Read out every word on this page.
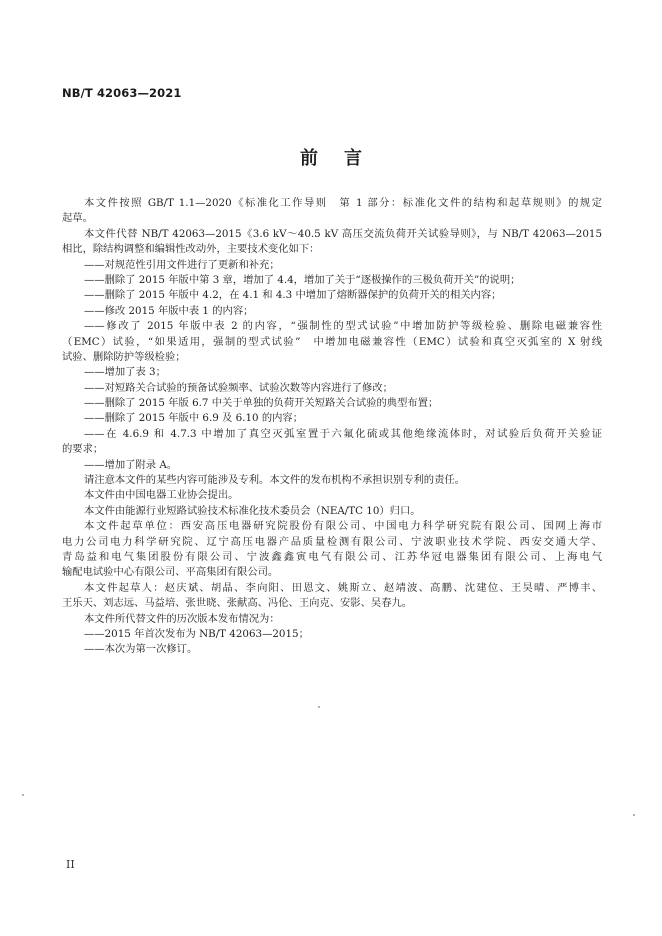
NB/T 42063—2021
前言
本文件按照 GB/T 1.1—2020《标准化工作导则　第 1 部分：标准化文件的结构和起草规则》的规定
起草。
本文件代替 NB/T 42063—2015《3.6 kV～40.5 kV 高压交流负荷开关试验导则》，与 NB/T 42063—2015
相比，除结构调整和编辑性改动外，主要技术变化如下：
——对规范性引用文件进行了更新和补充；
——删除了 2015 年版中第 3 章，增加了 4.4，增加了关于“逐极操作的三极负荷开关”的说明；
——删除了 2015 年版中 4.2，在 4.1 和 4.3 中增加了熔断器保护的负荷开关的相关内容；
——修改 2015 年版中表 1 的内容；
——修改了 2015 年版中表 2 的内容，“强制性的型式试验”中增加防护等级检验、删除电磁兼容性
（EMC）试验，“如果适用，强制的型式试验”　中增加电磁兼容性（EMC）试验和真空灭弧室的 X 射线
试验、删除防护等级检验；
——增加了表 3；
——对短路关合试验的预备试验频率、试验次数等内容进行了修改；
——删除了 2015 年版 6.7 中关于单独的负荷开关短路关合试验的典型布置；
——删除了 2015 年版中 6.9 及 6.10 的内容；
——在 4.6.9 和 4.7.3 中增加了真空灭弧室置于六氟化硫或其他绝缘流体时，对试验后负荷开关验证
的要求；
——增加了附录 A。
请注意本文件的某些内容可能涉及专利。本文件的发布机构不承担识别专利的责任。
本文件由中国电器工业协会提出。
本文件由能源行业短路试验技术标准化技术委员会（NEA/TC 10）归口。
本文件起草单位：西安高压电器研究院股份有限公司、中国电力科学研究院有限公司、国网上海市
电力公司电力科学研究院、辽宁高压电器产品质量检测有限公司、宁波职业技术学院、西安交通大学、
青岛益和电气集团股份有限公司、宁波鑫鑫寅电气有限公司、江苏华冠电器集团有限公司、上海电气
输配电试验中心有限公司、平高集团有限公司。
本文件起草人：赵庆斌、胡晶、李向阳、田恩文、姚斯立、赵靖波、高鹏、沈建位、王昊晴、严博丰、
王乐天、刘志远、马益培、张世晓、张献高、冯伦、王向克、安影、吴春九。
本文件所代替文件的历次版本发布情况为：
——2015 年首次发布为 NB/T 42063—2015；
——本次为第一次修订。
II
